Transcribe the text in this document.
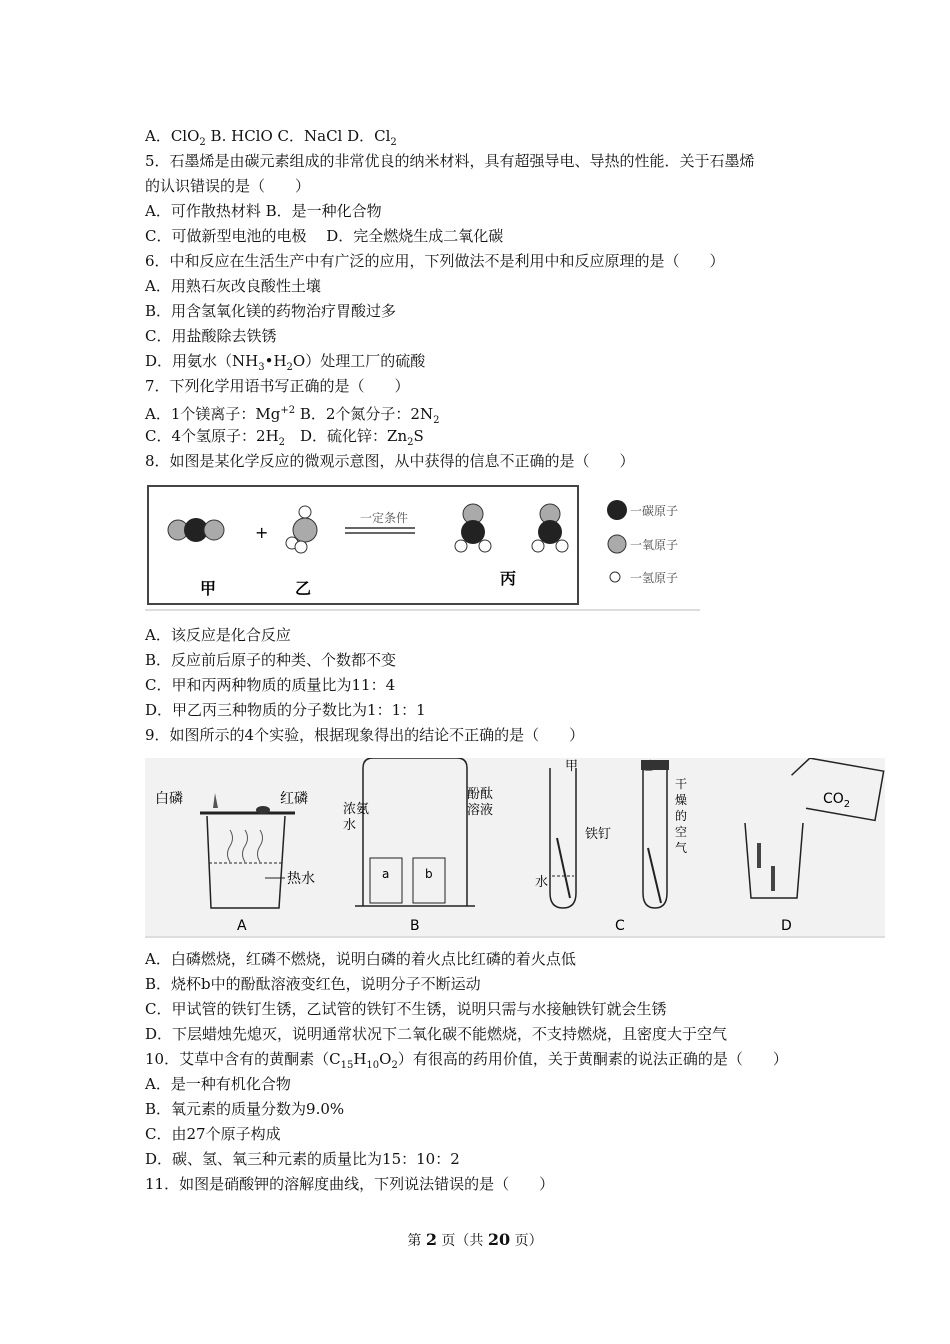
A．ClO$_2$ B. HClO C．NaCl D．$Cl_2$
5．石墨烯是由碳元素组成的非常优良的纳米材料，具有超强导电、导热的性能．关于石墨烯
的认识错误的是（　　）
A．可作散热材料 B．是一种化合物
C．可做新型电池的电极　 D．完全燃烧生成二氧化碳
6．中和反应在生活生产中有广泛的应用，下列做法不是利用中和反应原理的是（　　）
A．用熟石灰改良酸性土壤
B．用含氢氧化镁的药物治疗胃酸过多
C．用盐酸除去铁锈
D．用氨水$(NH_3•H_2O)$处理工厂的硫酸
7．下列化学用语书写正确的是（　　）
A．1个镁离子：$Mg^{+2}$ B．2个氮分子：$2N_2$
C．4个氢原子：$2H_2$　D．硫化锌：$Zn_2S$
8．如图是某化学反应的微观示意图，从中获得的信息不正确的是（　　）
+
一定条件
甲	乙
丙
一碳原子
一氧原子
一氢原子
A．该反应是化合反应
B．反应前后原子的种类、个数都不变
C．甲和丙两种物质的质量比为11：4
D．甲乙丙三种物质的分子数比为1：1：1
9．如图所示的4个实验，根据现象得出的结论不正确的是（　　）
白磷	红磷
热水
A
a	b
浓氨水
酚酞溶液
B
甲
水
铁钉
干燥的空气
C
$CO_2$
D
A．白磷燃烧，红磷不燃烧，说明白磷的着火点比红磷的着火点低
B．烧杯b中的酚酞溶液变红色，说明分子不断运动
C．甲试管的铁钉生锈，乙试管的铁钉不生锈，说明只需与水接触铁钉就会生锈
D．下层蜡烛先熄灭，说明通常状况下二氧化碳不能燃烧，不支持燃烧，且密度大于空气
10．艾草中含有的黄酮素$(C_{15}H_{10}O_2)$有很高的药用价值，关于黄酮素的说法正确的是（　　）
A．是一种有机化合物
B．氧元素的质量分数为9.0%
C．由27个原子构成
D．碳、氢、氧三种元素的质量比为15：10：2
11．如图是硝酸钾的溶解度曲线，下列说法错误的是（　　）
第 2 页（共 20 页）
